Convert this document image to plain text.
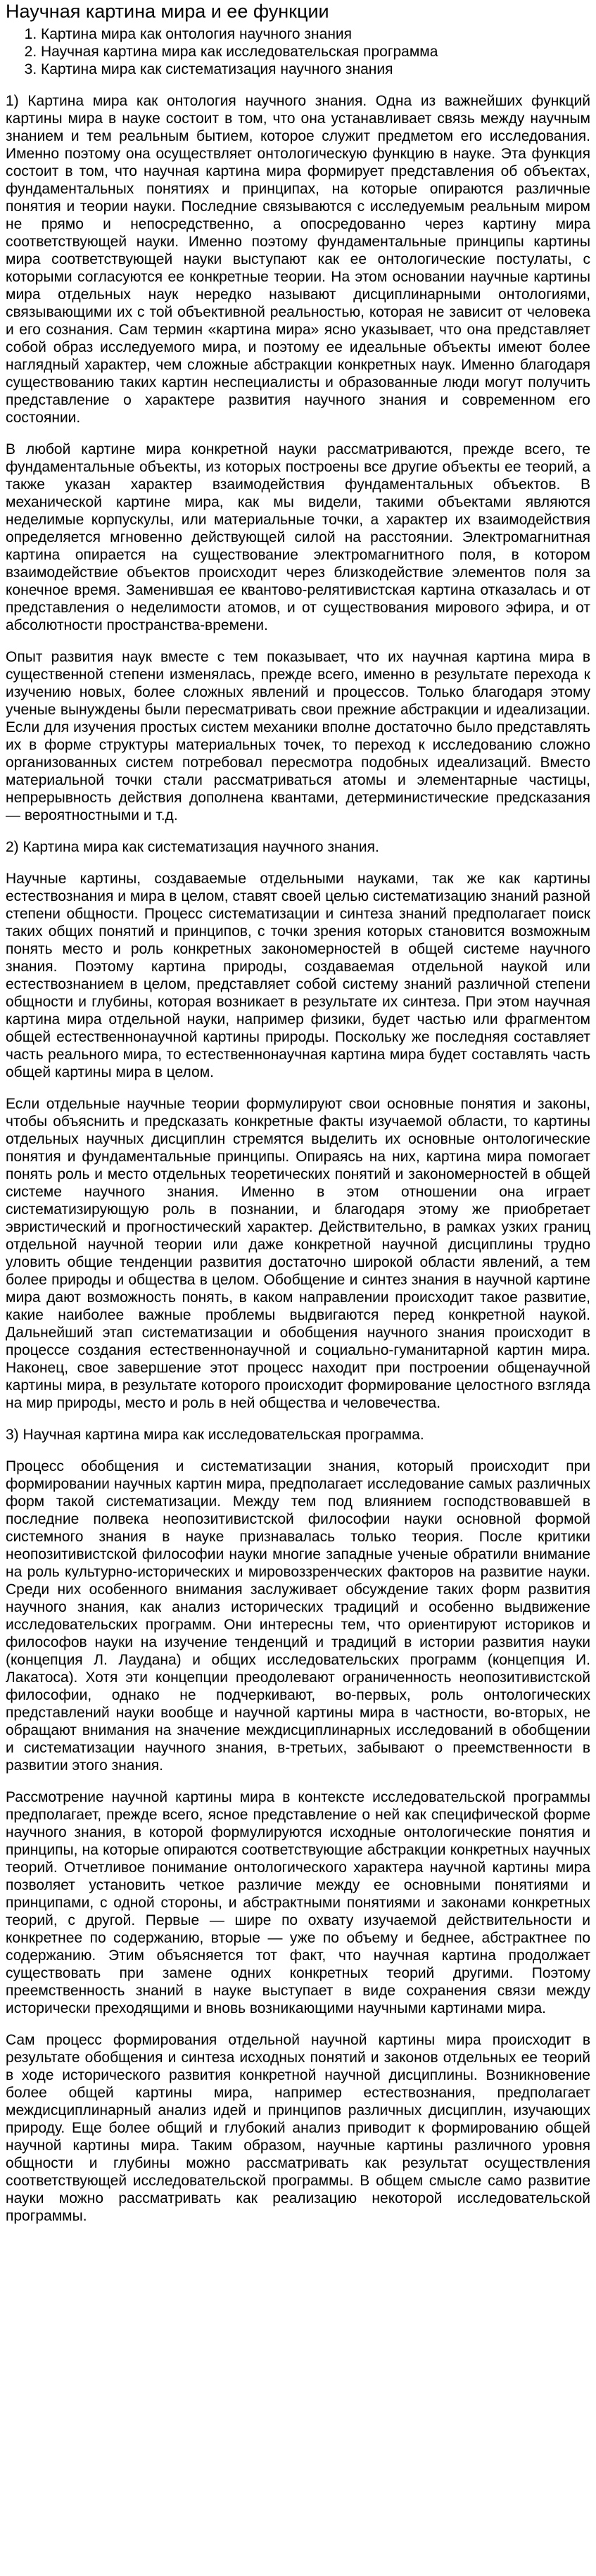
Научная картина мира и ее функции
1. Картина мира как онтология научного знания
2. Научная картина мира как исследовательская программа
3. Картина мира как систематизация научного знания

1) Картина мира как онтология научного знания. Одна из важнейших функций картины мира в науке состоит в том, что она устанавливает связь между научным знанием и тем реальным бытием, которое служит предметом его исследования. Именно поэтому она осуществляет онтологическую функцию в науке. Эта функция состоит в том, что научная картина мира формирует представления об объектах, фундаментальных понятиях и принципах, на которые опираются различные понятия и теории науки. Последние связываются с исследуемым реальным миром не прямо и непосредственно, а опосредованно через картину мира соответствующей науки. Именно поэтому фундаментальные принципы картины мира соответствующей науки выступают как ее онтологические постулаты, с которыми согласуются ее конкретные теории. На этом основании научные картины мира отдельных наук нередко называют дисциплинарными онтологиями, связывающими их с той объективной реальностью, которая не зависит от человека и его сознания. Сам термин «картина мира» ясно указывает, что она представляет собой образ исследуемого мира, и поэтому ее идеальные объекты имеют более наглядный характер, чем сложные абстракции конкретных наук. Именно благодаря существованию таких картин неспециалисты и образованные люди могут получить представление о характере развития научного знания и современном его состоянии.

В любой картине мира конкретной науки рассматриваются, прежде всего, те фундаментальные объекты, из которых построены все другие объекты ее теорий, а также указан характер взаимодействия фундаментальных объектов. В механической картине мира, как мы видели, такими объектами являются неделимые корпускулы, или материальные точки, а характер их взаимодействия определяется мгновенно действующей силой на расстоянии. Электромагнитная картина опирается на существование электромагнитного поля, в котором взаимодействие объектов происходит через близкодействие элементов поля за конечное время. Заменившая ее квантово-релятивистская картина отказалась и от представления о неделимости атомов, и от существования мирового эфира, и от абсолютности пространства-времени.

Опыт развития наук вместе с тем показывает, что их научная картина мира в существенной степени изменялась, прежде всего, именно в результате перехода к изучению новых, более сложных явлений и процессов. Только благодаря этому ученые вынуждены были пересматривать свои прежние абстракции и идеализации. Если для изучения простых систем механики вполне достаточно было представлять их в форме структуры материальных точек, то переход к исследованию сложно организованных систем потребовал пересмотра подобных идеализаций. Вместо материальной точки стали рассматриваться атомы и элементарные частицы, непрерывность действия дополнена квантами, детерминистические предсказания — вероятностными и т.д.

2) Картина мира как систематизация научного знания.

Научные картины, создаваемые отдельными науками, так же как картины естествознания и мира в целом, ставят своей целью систематизацию знаний разной степени общности. Процесс систематизации и синтеза знаний предполагает поиск таких общих понятий и принципов, с точки зрения которых становится возможным понять место и роль конкретных закономерностей в общей системе научного знания. Поэтому картина природы, создаваемая отдельной наукой или естествознанием в целом, представляет собой систему знаний различной степени общности и глубины, которая возникает в результате их синтеза. При этом научная картина мира отдельной науки, например физики, будет частью или фрагментом общей естественнонаучной картины природы. Поскольку же последняя составляет часть реального мира, то естественнонаучная картина мира будет составлять часть общей картины мира в целом.

Если отдельные научные теории формулируют свои основные понятия и законы, чтобы объяснить и предсказать конкретные факты изучаемой области, то картины отдельных научных дисциплин стремятся выделить их основные онтологические понятия и фундаментальные принципы. Опираясь на них, картина мира помогает понять роль и место отдельных теоретических понятий и закономерностей в общей системе научного знания. Именно в этом отношении она играет систематизирующую роль в познании, и благодаря этому же приобретает эвристический и прогностический характер. Действительно, в рамках узких границ отдельной научной теории или даже конкретной научной дисциплины трудно уловить общие тенденции развития достаточно широкой области явлений, а тем более природы и общества в целом. Обобщение и синтез знания в научной картине мира дают возможность понять, в каком направлении происходит такое развитие, какие наиболее важные проблемы выдвигаются перед конкретной наукой. Дальнейший этап систематизации и обобщения научного знания происходит в процессе создания естественнонаучной и социально-гуманитарной картин мира. Наконец, свое завершение этот процесс находит при построении общенаучной картины мира, в результате которого происходит формирование целостного взгляда на мир природы, место и роль в ней общества и человечества.

3) Научная картина мира как исследовательская программа.

Процесс обобщения и систематизации знания, который происходит при формировании научных картин мира, предполагает исследование самых различных форм такой систематизации. Между тем под влиянием господствовавшей в последние полвека неопозитивистской философии науки основной формой системного знания в науке признавалась только теория. После критики неопозитивистской философии науки многие западные ученые обратили внимание на роль культурно-исторических и мировоззренческих факторов на развитие науки. Среди них особенного внимания заслуживает обсуждение таких форм развития научного знания, как анализ исторических традиций и особенно выдвижение исследовательских программ. Они интересны тем, что ориентируют историков и философов науки на изучение тенденций и традиций в истории развития науки (концепция Л. Лаудана) и общих исследовательских программ (концепция И. Лакатоса). Хотя эти концепции преодолевают ограниченность неопозитивистской философии, однако не подчеркивают, во-первых, роль онтологических представлений науки вообще и научной картины мира в частности, во-вторых, не обращают внимания на значение междисциплинарных исследований в обобщении и систематизации научного знания, в-третьих, забывают о преемственности в развитии этого знания.

Рассмотрение научной картины мира в контексте исследовательской программы предполагает, прежде всего, ясное представление о ней как специфической форме научного знания, в которой формулируются исходные онтологические понятия и принципы, на которые опираются соответствующие абстракции конкретных научных теорий. Отчетливое понимание онтологического характера научной картины мира позволяет установить четкое различие между ее основными понятиями и принципами, с одной стороны, и абстрактными понятиями и законами конкретных теорий, с другой. Первые — шире по охвату изучаемой действительности и конкретнее по содержанию, вторые — уже по объему и беднее, абстрактнее по содержанию. Этим объясняется тот факт, что научная картина продолжает существовать при замене одних конкретных теорий другими. Поэтому преемственность знаний в науке выступает в виде сохранения связи между исторически преходящими и вновь возникающими научными картинами мира.

Сам процесс формирования отдельной научной картины мира происходит в результате обобщения и синтеза исходных понятий и законов отдельных ее теорий в ходе исторического развития конкретной научной дисциплины. Возникновение более общей картины мира, например естествознания, предполагает междисциплинарный анализ идей и принципов различных дисциплин, изучающих природу. Еще более общий и глубокий анализ приводит к формированию общей научной картины мира. Таким образом, научные картины различного уровня общности и глубины можно рассматривать как результат осуществления соответствующей исследовательской программы. В общем смысле само развитие науки можно рассматривать как реализацию некоторой исследовательской программы.
